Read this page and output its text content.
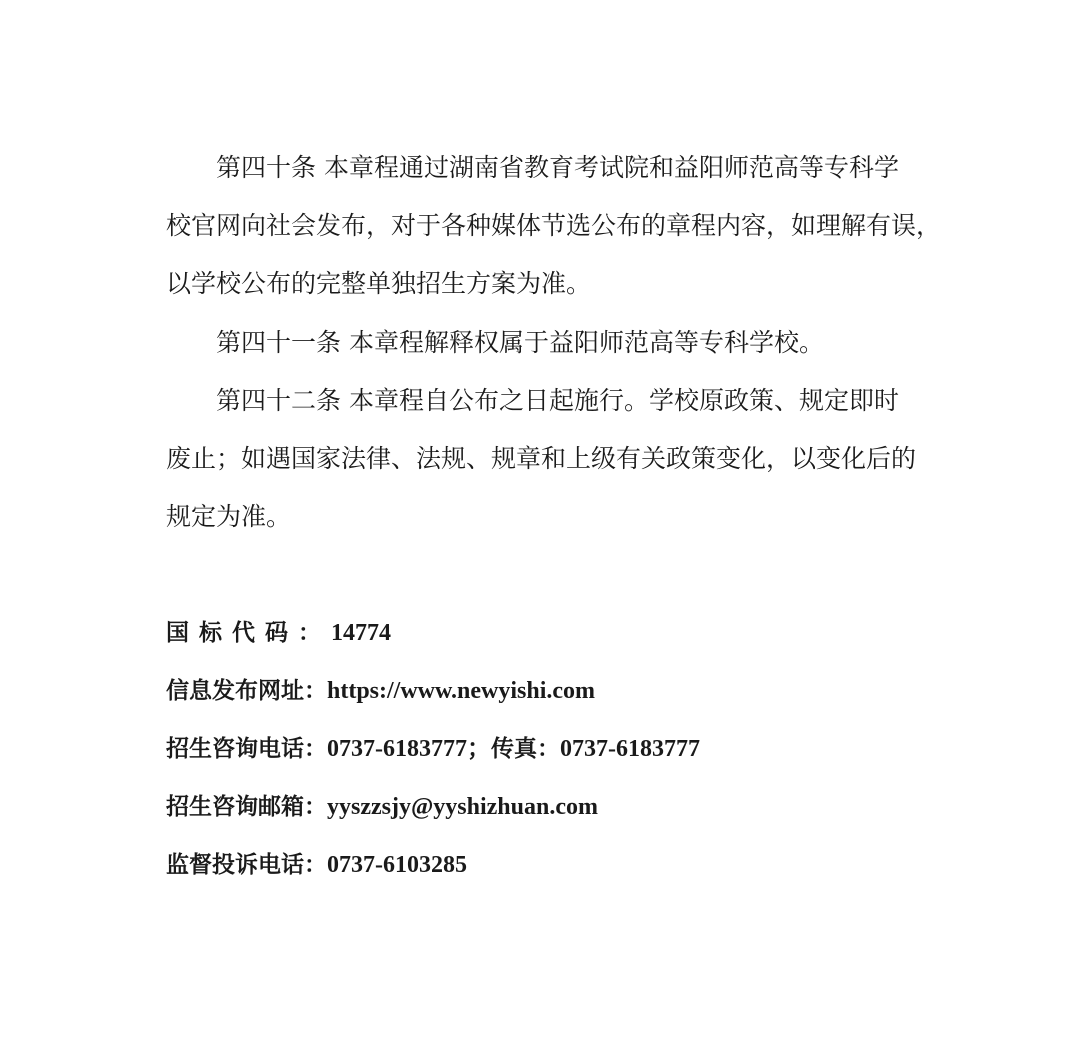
第四十条 本章程通过湖南省教育考试院和益阳师范高等专科学
校官网向社会发布，对于各种媒体节选公布的章程内容，如理解有误，
以学校公布的完整单独招生方案为准。
第四十一条 本章程解释权属于益阳师范高等专科学校。
第四十二条 本章程自公布之日起施行。学校原政策、规定即时
废止；如遇国家法律、法规、规章和上级有关政策变化，以变化后的
规定为准。
国标代码：14774
信息发布网址：https://www.newyishi.com
招生咨询电话：0737-6183777；传真：0737-6183777
招生咨询邮箱：yyszzsjy@yyshizhuan.com
监督投诉电话：0737-6103285
